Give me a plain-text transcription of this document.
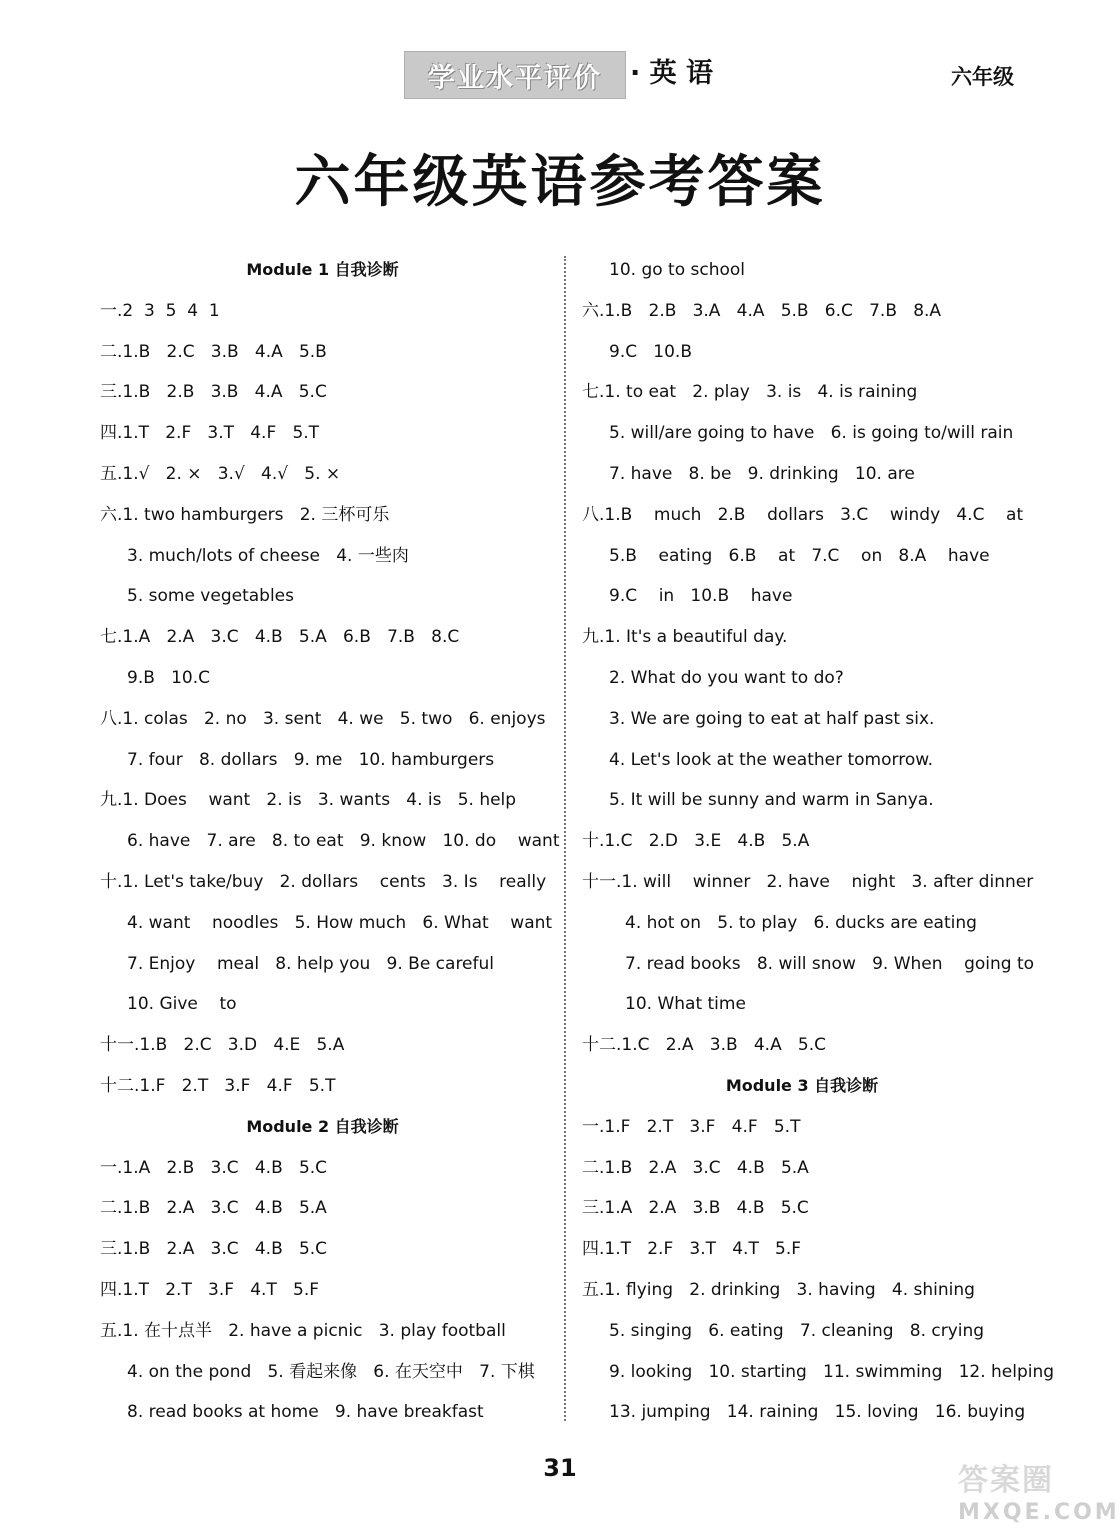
学业水平评价	· 英 语	六年级
六年级英语参考答案
Module 1 自我诊断
一.2  3  5  4  1
二.1.B   2.C   3.B   4.A   5.B
三.1.B   2.B   3.B   4.A   5.C
四.1.T   2.F   3.T   4.F   5.T
五.1.√   2. ×   3.√   4.√   5. ×
六.1. two hamburgers   2. 三杯可乐
3. much/lots of cheese   4. 一些肉
5. some vegetables
七.1.A   2.A   3.C   4.B   5.A   6.B   7.B   8.C
9.B   10.C
八.1. colas   2. no   3. sent   4. we   5. two   6. enjoys
7. four   8. dollars   9. me   10. hamburgers
九.1. Does    want   2. is   3. wants   4. is   5. help
6. have   7. are   8. to eat   9. know   10. do    want
十.1. Let's take/buy   2. dollars    cents   3. Is    really
4. want    noodles   5. How much   6. What    want
7. Enjoy    meal   8. help you   9. Be careful
10. Give    to
十一.1.B   2.C   3.D   4.E   5.A
十二.1.F   2.T   3.F   4.F   5.T
Module 2 自我诊断
一.1.A   2.B   3.C   4.B   5.C
二.1.B   2.A   3.C   4.B   5.A
三.1.B   2.A   3.C   4.B   5.C
四.1.T   2.T   3.F   4.T   5.F
五.1. 在十点半   2. have a picnic   3. play football
4. on the pond   5. 看起来像   6. 在天空中   7. 下棋
8. read books at home   9. have breakfast
10. go to school
六.1.B   2.B   3.A   4.A   5.B   6.C   7.B   8.A
9.C   10.B
七.1. to eat   2. play   3. is   4. is raining
5. will/are going to have   6. is going to/will rain
7. have   8. be   9. drinking   10. are
八.1.B    much   2.B    dollars   3.C    windy   4.C    at
5.B    eating   6.B    at   7.C    on   8.A    have
9.C    in   10.B    have
九.1. It's a beautiful day.
2. What do you want to do?
3. We are going to eat at half past six.
4. Let's look at the weather tomorrow.
5. It will be sunny and warm in Sanya.
十.1.C   2.D   3.E   4.B   5.A
十一.1. will    winner   2. have    night   3. after dinner
4. hot on   5. to play   6. ducks are eating
7. read books   8. will snow   9. When    going to
10. What time
十二.1.C   2.A   3.B   4.A   5.C
Module 3 自我诊断
一.1.F   2.T   3.F   4.F   5.T
二.1.B   2.A   3.C   4.B   5.A
三.1.A   2.A   3.B   4.B   5.C
四.1.T   2.F   3.T   4.T   5.F
五.1. flying   2. drinking   3. having   4. shining
5. singing   6. eating   7. cleaning   8. crying
9. looking   10. starting   11. swimming   12. helping
13. jumping   14. raining   15. loving   16. buying
31	答案圈
MXQE.COM
